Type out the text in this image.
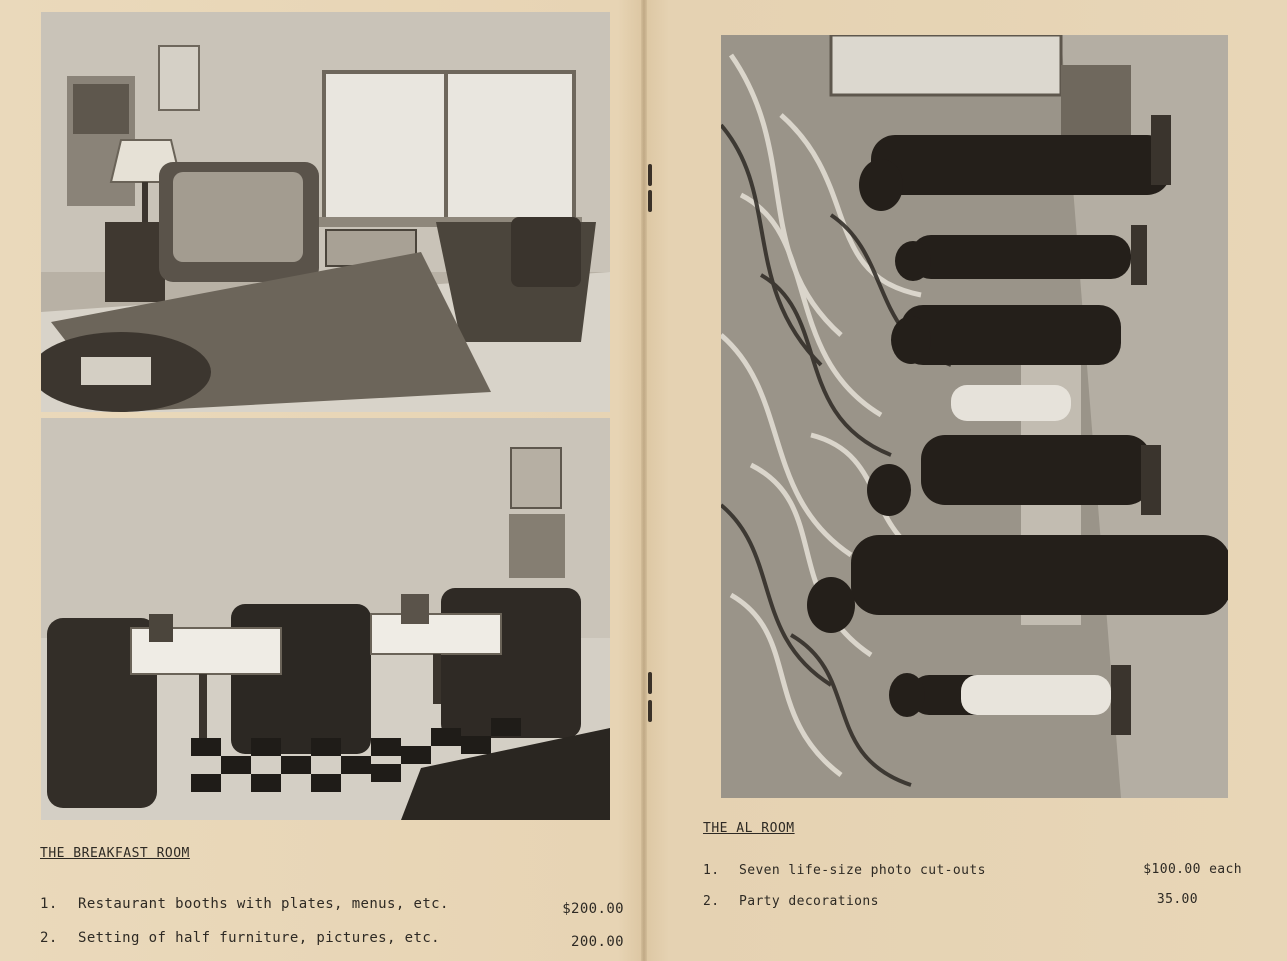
THE BREAKFAST ROOM
1. Restaurant booths with plates, menus, etc.	$200.00
2. Setting of half furniture, pictures, etc.	200.00
THE AL ROOM
1. Seven life-size photo cut-outs	$100.00 each
2. Party decorations	35.00
